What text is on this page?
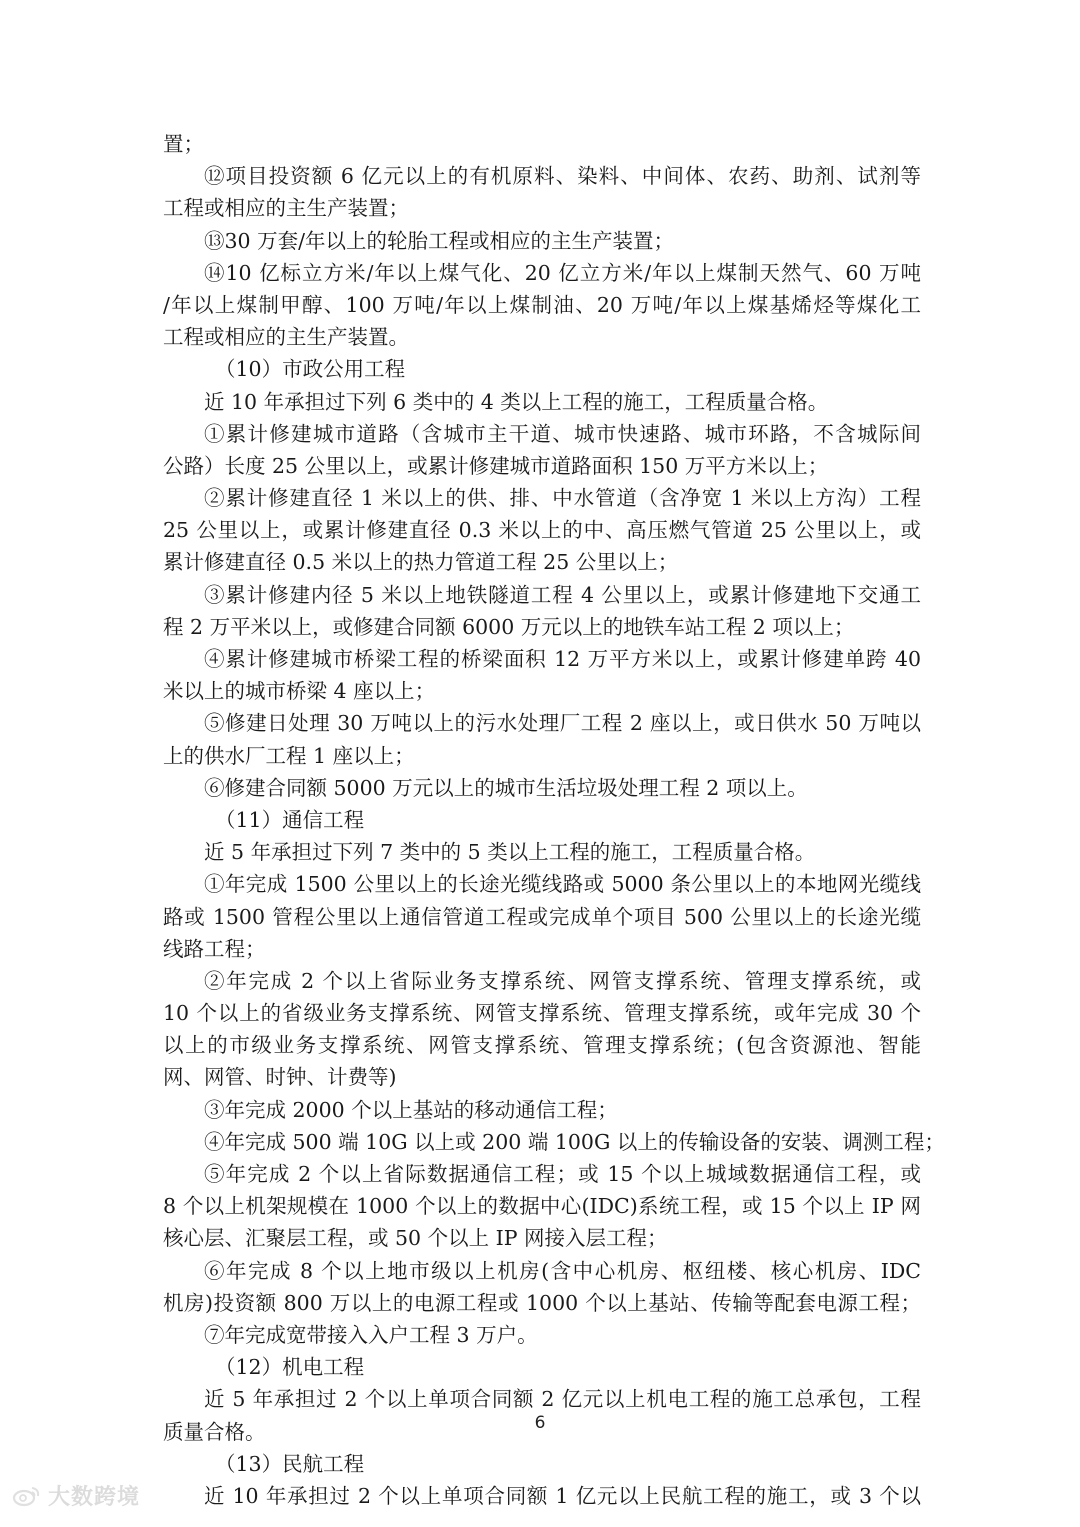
置；
⑫项目投资额 6 亿元以上的有机原料、染料、中间体、农药、助剂、试剂等
工程或相应的主生产装置；
⑬30 万套/年以上的轮胎工程或相应的主生产装置；
⑭10 亿标立方米/年以上煤气化、20 亿立方米/年以上煤制天然气、60 万吨
/年以上煤制甲醇、100 万吨/年以上煤制油、20 万吨/年以上煤基烯烃等煤化工
工程或相应的主生产装置。
（10）市政公用工程
近 10 年承担过下列 6 类中的 4 类以上工程的施工，工程质量合格。
①累计修建城市道路（含城市主干道、城市快速路、城市环路，不含城际间
公路）长度 25 公里以上，或累计修建城市道路面积 150 万平方米以上；
②累计修建直径 1 米以上的供、排、中水管道（含净宽 1 米以上方沟）工程
25 公里以上，或累计修建直径 0.3 米以上的中、高压燃气管道 25 公里以上，或
累计修建直径 0.5 米以上的热力管道工程 25 公里以上；
③累计修建内径 5 米以上地铁隧道工程 4 公里以上，或累计修建地下交通工
程 2 万平米以上，或修建合同额 6000 万元以上的地铁车站工程 2 项以上；
④累计修建城市桥梁工程的桥梁面积 12 万平方米以上，或累计修建单跨 40
米以上的城市桥梁 4 座以上；
⑤修建日处理 30 万吨以上的污水处理厂工程 2 座以上，或日供水 50 万吨以
上的供水厂工程 1 座以上；
⑥修建合同额 5000 万元以上的城市生活垃圾处理工程 2 项以上。
（11）通信工程
近 5 年承担过下列 7 类中的 5 类以上工程的施工，工程质量合格。
①年完成 1500 公里以上的长途光缆线路或 5000 条公里以上的本地网光缆线
路或 1500 管程公里以上通信管道工程或完成单个项目 500 公里以上的长途光缆
线路工程；
②年完成 2 个以上省际业务支撑系统、网管支撑系统、管理支撑系统，或
10 个以上的省级业务支撑系统、网管支撑系统、管理支撑系统，或年完成 30 个
以上的市级业务支撑系统、网管支撑系统、管理支撑系统；(包含资源池、智能
网、网管、时钟、计费等)
③年完成 2000 个以上基站的移动通信工程；
④年完成 500 端 10G 以上或 200 端 100G 以上的传输设备的安装、调测工程；
⑤年完成 2 个以上省际数据通信工程；或 15 个以上城域数据通信工程，或
8 个以上机架规模在 1000 个以上的数据中心(IDC)系统工程，或 15 个以上 IP 网
核心层、汇聚层工程，或 50 个以上 IP 网接入层工程；
⑥年完成 8 个以上地市级以上机房(含中心机房、枢纽楼、核心机房、IDC
机房)投资额 800 万以上的电源工程或 1000 个以上基站、传输等配套电源工程；
⑦年完成宽带接入入户工程 3 万户。
（12）机电工程
近 5 年承担过 2 个以上单项合同额 2 亿元以上机电工程的施工总承包，工程
质量合格。
（13）民航工程
近 10 年承担过 2 个以上单项合同额 1 亿元以上民航工程的施工，或 3 个以
6
大数跨境
